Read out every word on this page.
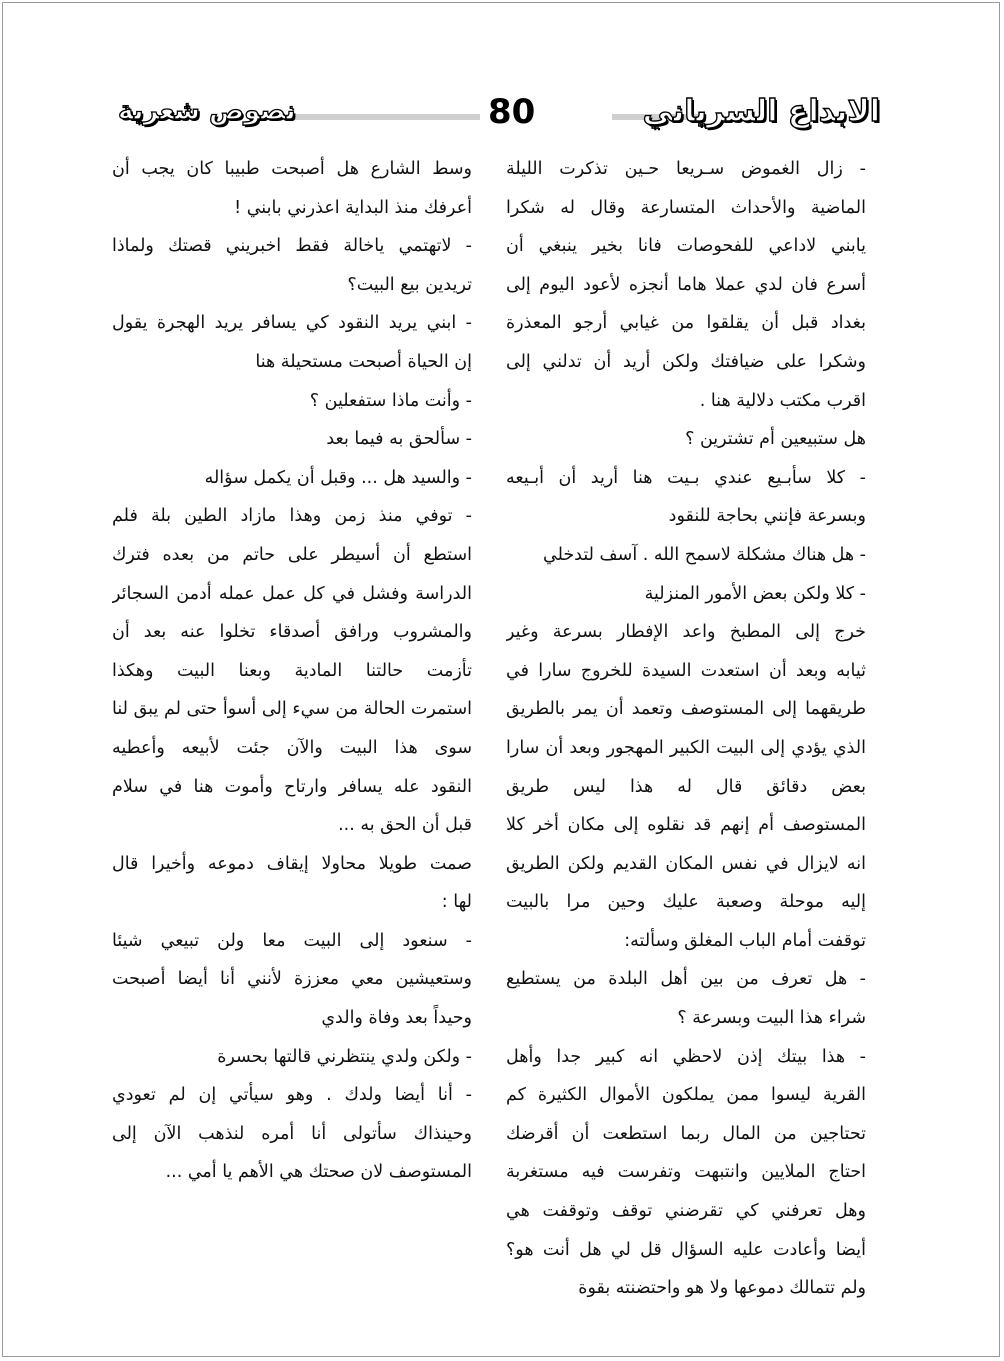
الابداع السرياني
80
نصوص شعرية
- زال الغموض سـريعا حـين تذكرت الليلة
الماضية والأحداث المتسارعة وقال له شكرا
يابني لاداعي للفحوصات فانا بخير ينبغي أن
أسرع فان لدي عملا هاما أنجزه لأعود اليوم إلى
بغداد قبل أن يقلقوا من غيابي أرجو المعذرة
وشكرا على ضيافتك ولكن أريد أن تدلني إلى
اقرب مكتب دلالية هنا .
هل ستبيعين أم تشترين ؟
- كلا سأبـيع عندي بـيت هنا أريد أن أبـيعه
وبسرعة فإنني بحاجة للنقود
- هل هناك مشكلة لاسمح الله . آسف لتدخلي
- كلا ولكن بعض الأمور المنزلية
خرج إلى المطبخ واعد الإفطار بسرعة وغير
ثيابه وبعد أن استعدت السيدة للخروج سارا في
طريقهما إلى المستوصف وتعمد أن يمر بالطريق
الذي يؤدي إلى البيت الكبير المهجور وبعد أن سارا
بعض دقائق قال له هذا ليس طريق
المستوصف أم إنهم قد نقلوه إلى مكان أخر كلا
انه لايزال في نفس المكان القديم ولكن الطريق
إليه موحلة وصعبة عليك وحين مرا بالبيت
توقفت أمام الباب المغلق وسألته:
- هل تعرف من بين أهل البلدة من يستطيع
شراء هذا البيت وبسرعة ؟
- هذا بيتك إذن لاحظي انه كبير جدا وأهل
القرية ليسوا ممن يملكون الأموال الكثيرة كم
تحتاجين من المال ربما استطعت أن أقرضك
احتاج الملايين وانتبهت وتفرست فيه مستغربة
وهل تعرفني كي تقرضني توقف وتوقفت هي
أيضا وأعادت عليه السؤال قل لي هل أنت هو؟
ولم تتمالك دموعها ولا هو واحتضنته بقوة
وسط الشارع هل أصبحت طبيبا كان يجب أن
أعرفك منذ البداية اعذرني بابني !
- لاتهتمي ياخالة فقط اخبريني قصتك ولماذا
تريدين بيع البيت؟
- ابني يريد النقود كي يسافر يريد الهجرة يقول
إن الحياة أصبحت مستحيلة هنا
- وأنت ماذا ستفعلين ؟
- سألحق به فيما بعد
- والسيد هل ... وقبل أن يكمل سؤاله
- توفي منذ زمن وهذا مازاد الطين بلة فلم
استطع أن أسيطر على حاتم من بعده فترك
الدراسة وفشل في كل عمل عمله أدمن السجائر
والمشروب ورافق أصدقاء تخلوا عنه بعد أن
تأزمت حالتنا المادية وبعنا البيت وهكذا
استمرت الحالة من سيء إلى أسوأ حتى لم يبق لنا
سوى هذا البيت والآن جئت لأبيعه وأعطيه
النقود عله يسافر وارتاح وأموت هنا في سلام
قبل أن الحق به ...
صمت طويلا محاولا إيقاف دموعه وأخيرا قال
لها :
- سنعود إلى البيت معا ولن تبيعي شيئا
وستعيشين معي معززة لأنني أنا أيضا أصبحت
وحيداً بعد وفاة والدي
- ولكن ولدي ينتظرني قالتها بحسرة
- أنا أيضا ولدك . وهو سيأتي إن لم تعودي
وحينذاك سأتولى أنا أمره لنذهب الآن إلى
المستوصف لان صحتك هي الأهم يا أمي ...
